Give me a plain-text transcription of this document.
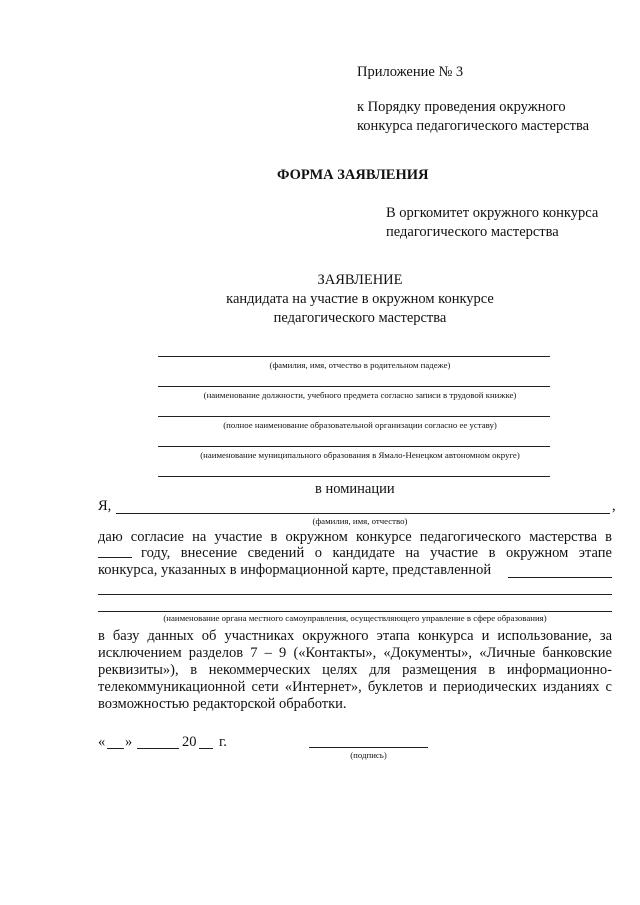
Приложение № 3
к Порядку проведения окружного
конкурса педагогического мастерства
ФОРМА ЗАЯВЛЕНИЯ
В оргкомитет окружного конкурса
педагогического мастерства
ЗАЯВЛЕНИЕ
кандидата на участие в окружном конкурсе
педагогического мастерства
(фамилия, имя, отчество в родительном падеже)
(наименование должности, учебного предмета согласно записи в трудовой книжке)
(полное наименование образовательной организации согласно ее уставу)
(наименование муниципального образования в Ямало-Ненецком автономном округе)
в номинации
Я,	,
(фамилия, имя, отчество)
даю согласие на участие в окружном конкурсе педагогического мастерства в
году, внесение сведений о кандидате на участие в окружном этапе
конкурса, указанных в информационной карте, представленной
(наименование органа местного самоуправления, осуществляющего управление в сфере образования)
в базу данных об участниках окружного этапа конкурса и использование, за
исключением разделов 7 – 9 («Контакты», «Документы», «Личные банковские
реквизиты»), в некоммерческих целях для размещения в информационно-
телекоммуникационной сети «Интернет», буклетов и периодических изданиях с
возможностью редакторской обработки.
« »	20 г.
(подпись)
